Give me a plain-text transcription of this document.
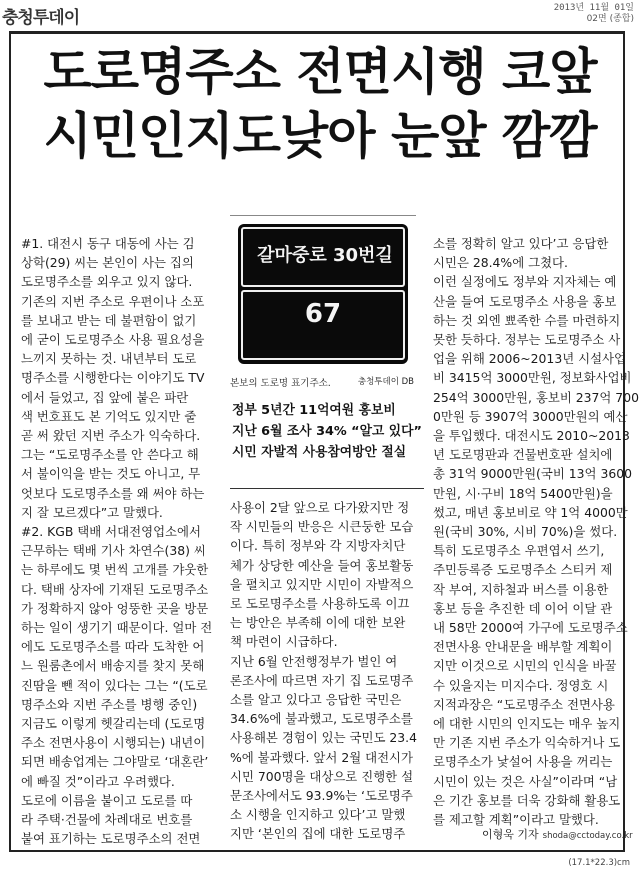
충청투데이	2013년 11월 01일
02면 (종합)
도로명주소 전면시행 코앞
시민인지도낮아 눈앞 깜깜

#1. 대전시 동구 대동에 사는 김

상학(29) 씨는 본인이 사는 집의

도로명주소를 외우고 있지 않다.

기존의 지번 주소로 우편이나 소포

를 보내고 받는 데 불편함이 없기

에 굳이 도로명주소 사용 필요성을

느끼지 못하는 것. 내년부터 도로

명주소를 시행한다는 이야기도 TV

에서 들었고, 집 앞에 붙은 파란

색 번호표도 본 기억도 있지만 줄

곧 써 왔던 지번 주소가 익숙하다.

그는 “도로명주소를 안 쓴다고 해

서 불이익을 받는 것도 아니고, 무

엇보다 도로명주소를 왜 써야 하는

지 잘 모르겠다”고 말했다.

#2. KGB 택배 서대전영업소에서

근무하는 택배 기사 차연수(38) 씨

는 하루에도 몇 번씩 고개를 갸웃한

다. 택배 상자에 기재된 도로명주소

가 정확하지 않아 엉뚱한 곳을 방문

하는 일이 생기기 때문이다. 얼마 전

에도 도로명주소를 따라 도착한 어

느 원룸촌에서 배송지를 찾지 못해

진땀을 뺀 적이 있다는 그는 “(도로

명주소와 지번 주소를 병행 중인)

지금도 이렇게 헷갈리는데 (도로명

주소 전면사용이 시행되는) 내년이

되면 배송업계는 그야말로 ‘대혼란’

에 빠질 것”이라고 우려했다.

도로에 이름을 붙이고 도로를 따

라 주택·건물에 차례대로 번호를

붙여 표기하는 도로명주소의 전면

갈마중로 30번길
67
본보의 도로명 표기주소.	충청투데이 DB

정부 5년간 11억여원 홍보비

지난 6월 조사 34% “알고 있다”

시민 자발적 사용참여방안 절실

사용이 2달 앞으로 다가왔지만 정

작 시민들의 반응은 시큰둥한 모습

이다. 특히 정부와 각 지방자치단

체가 상당한 예산을 들여 홍보활동

을 펼치고 있지만 시민이 자발적으

로 도로명주소를 사용하도록 이끄

는 방안은 부족해 이에 대한 보완

책 마련이 시급하다.

지난 6월 안전행정부가 벌인 여

론조사에 따르면 자기 집 도로명주

소를 알고 있다고 응답한 국민은

34.6%에 불과했고, 도로명주소를

사용해본 경험이 있는 국민도 23.4

%에 불과했다. 앞서 2월 대전시가

시민 700명을 대상으로 진행한 설

문조사에서도 93.9%는 ‘도로명주

소 시행을 인지하고 있다’고 말했

지만 ‘본인의 집에 대한 도로명주

소를 정확히 알고 있다’고 응답한

시민은 28.4%에 그쳤다.

이런 실정에도 정부와 지자체는 예

산을 들여 도로명주소 사용을 홍보

하는 것 외엔 뾰족한 수를 마련하지

못한 듯하다. 정부는 도로명주소 사

업을 위해 2006~2013년 시설사업

비 3415억 3000만원, 정보화사업비

254억 3000만원, 홍보비 237억 700

0만원 등 3907억 3000만원의 예산

을 투입했다. 대전시도 2010~2013

년 도로명판과 건물번호판 설치에

총 31억 9000만원(국비 13억 3600

만원, 시·구비 18억 5400만원)을

썼고, 매년 홍보비로 약 1억 4000만

원(국비 30%, 시비 70%)을 썼다.

특히 도로명주소 우편엽서 쓰기,

주민등록증 도로명주소 스티커 제

작 부여, 지하철과 버스를 이용한

홍보 등을 추진한 데 이어 이달 관

내 58만 2000여 가구에 도로명주소

전면사용 안내문을 배부할 계획이

지만 이것으로 시민의 인식을 바꿀

수 있을지는 미지수다. 정영호 시

지적과장은 “도로명주소 전면사용

에 대한 시민의 인지도는 매우 높지

만 기존 지번 주소가 익숙하거나 도

로명주소가 낯설어 사용을 꺼리는

시민이 있는 것은 사실”이라며 “남

은 기간 홍보를 더욱 강화해 활용도

를 제고할 계획”이라고 말했다.

이형욱 기자 shoda@cctoday.co.kr
(17.1*22.3)cm
